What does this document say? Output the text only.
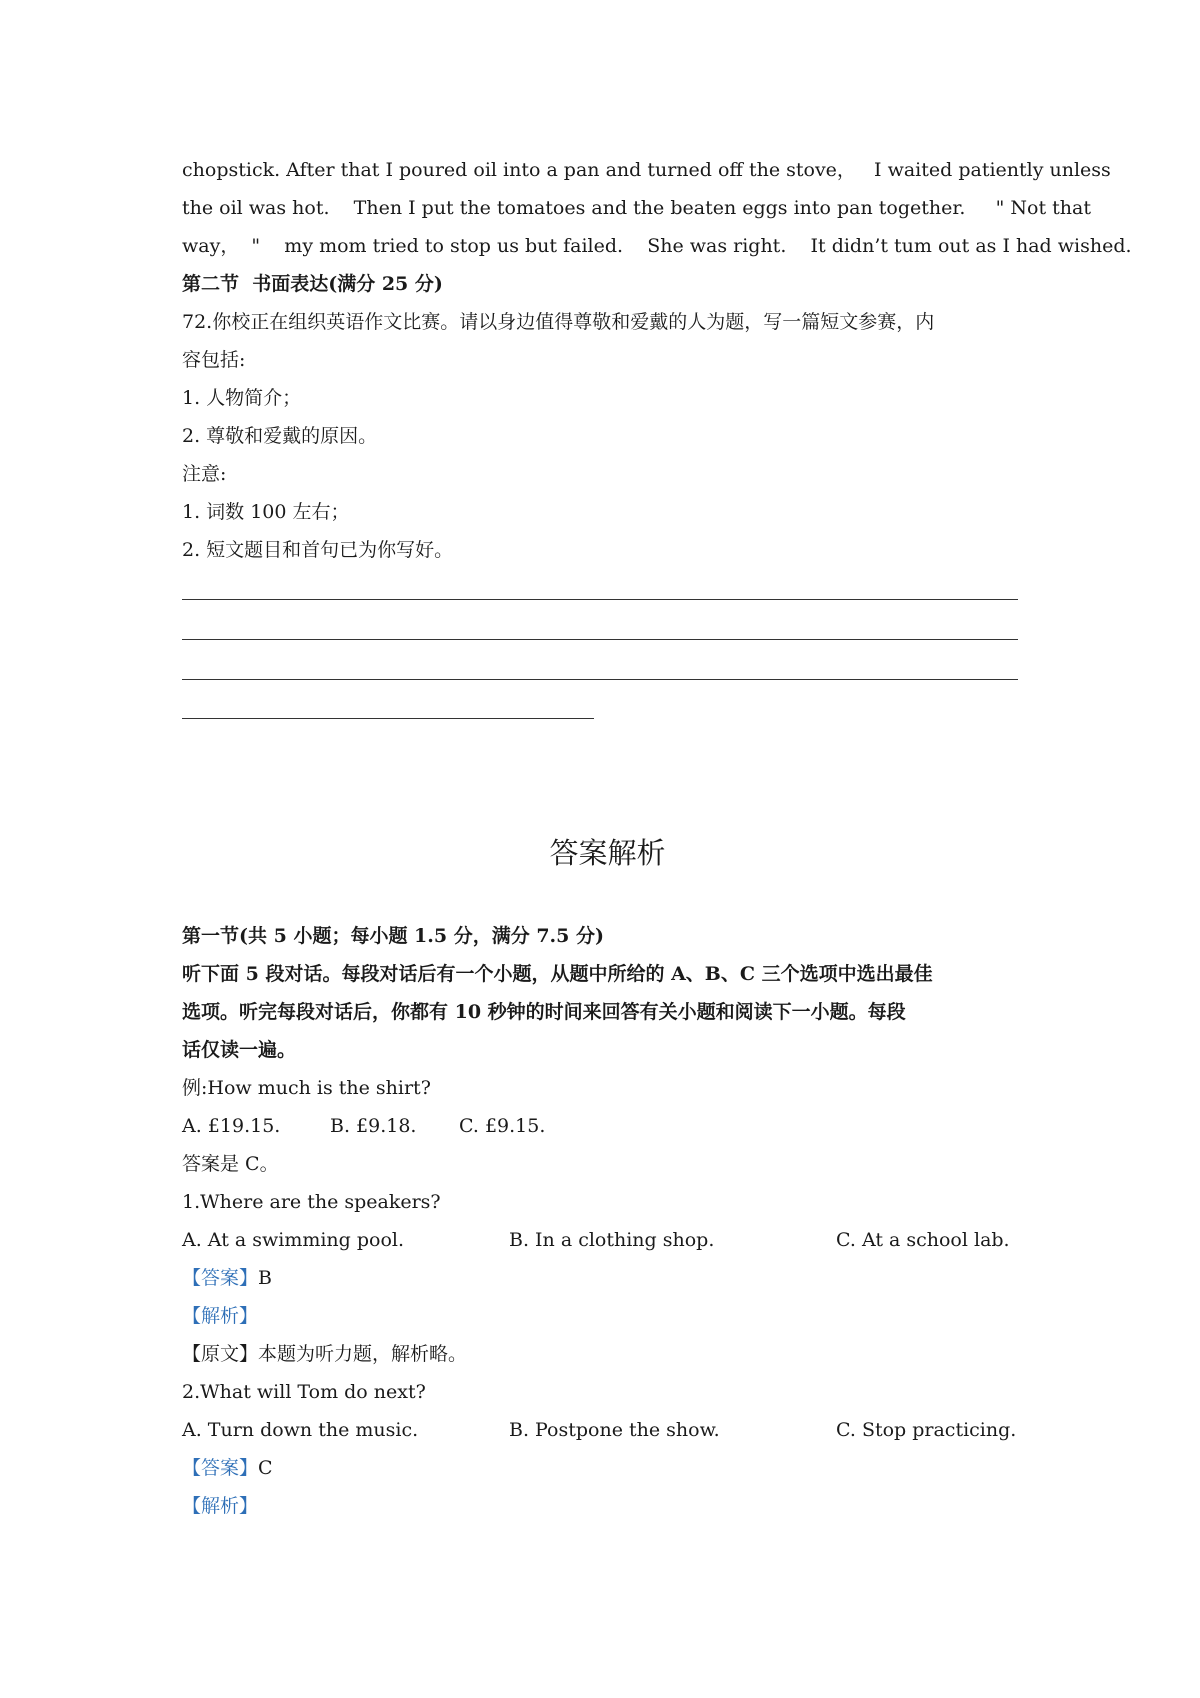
chopstick. After that I poured oil into a pan and turned off the stove，   I waited patiently unless

the oil was hot.    Then I put the tomatoes and the beaten eggs into pan together.     " Not that

way，  "    my mom tried to stop us but failed.    She was right.    It didn’t tum out as I had wished.

第二节  书面表达(满分 25 分)

72.你校正在组织英语作文比赛。请以身边值得尊敬和爱戴的人为题，写一篇短文参赛，内

容包括:

1. 人物简介；

2. 尊敬和爱戴的原因。

注意:

1. 词数 100 左右；

2. 短文题目和首句已为你写好。

答案解析

第一节(共 5 小题；每小题 1.5 分，满分 7.5 分)

听下面 5 段对话。每段对话后有一个小题，从题中所给的 A、B、C 三个选项中选出最佳

选项。听完每段对话后，你都有 10 秒钟的时间来回答有关小题和阅读下一小题。每段

话仅读一遍。

例:How much is the shirt?

A. £19.15.	B. £9.18. C. £9.15.

答案是 C。

1.Where are the speakers?

A. At a swimming pool.	B. In a clothing shop.	C. At a school lab.

【答案】B

【解析】

【原文】本题为听力题，解析略。

2.What will Tom do next?

A. Turn down the music.	B. Postpone the show.	C. Stop practicing.

【答案】C

【解析】
